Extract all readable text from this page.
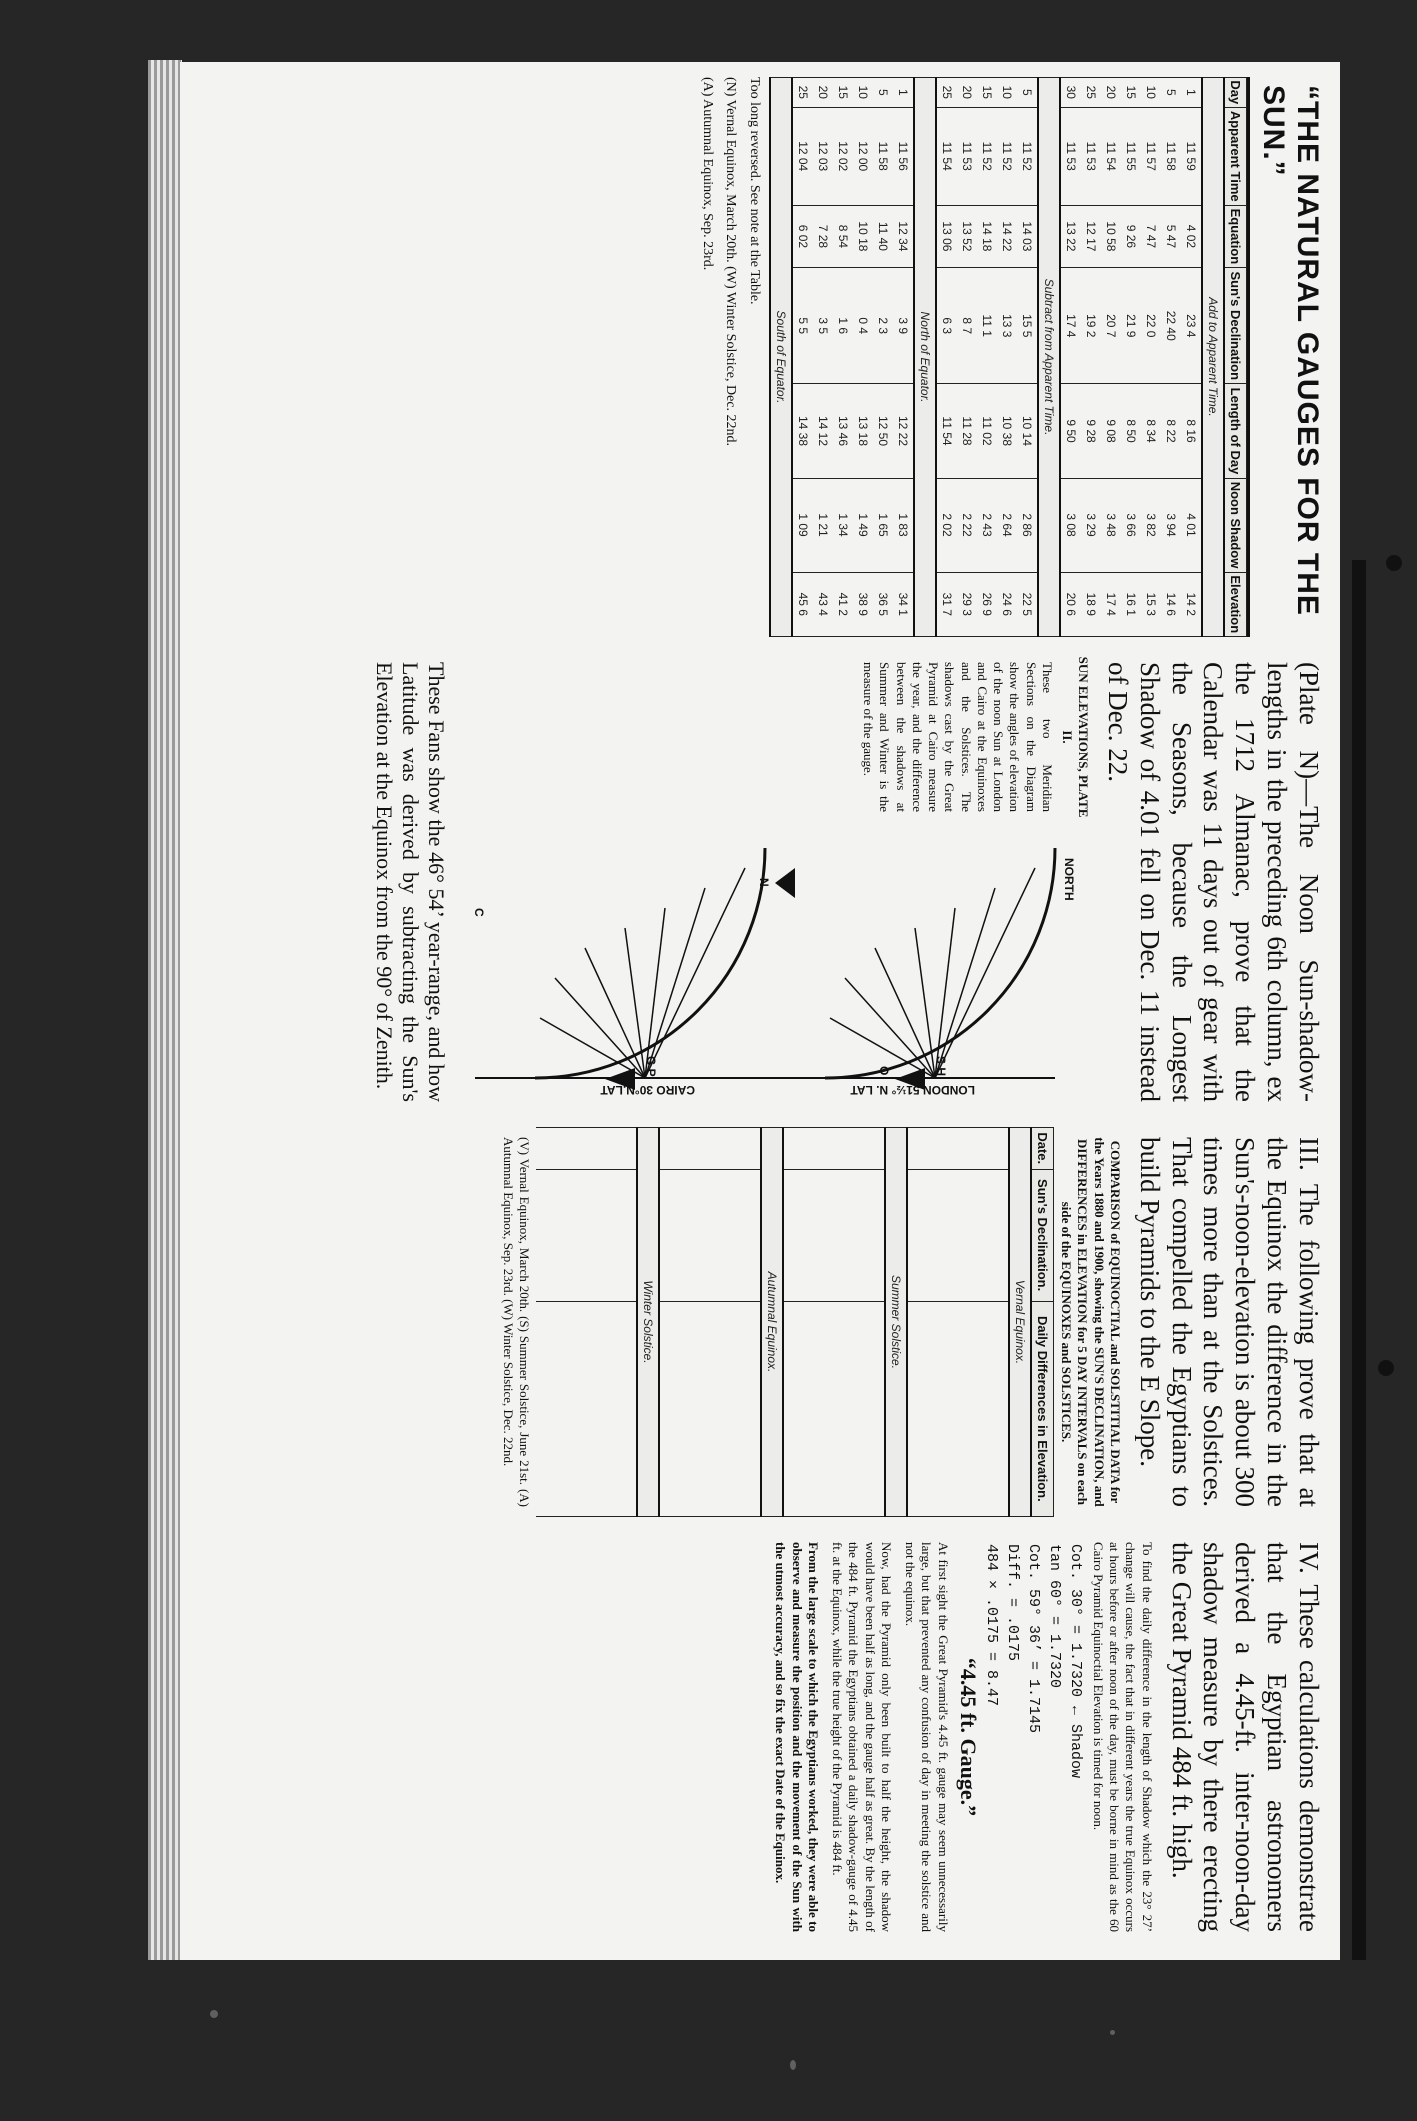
“THE NATURAL GAUGES FOR THE SUN.”
Day	Apparent Time	Equation	Sun's Declination	Length of Day	Noon Shadow	Elevation
Add to Apparent Time.						
1	11 59	4 02	23 4	8 16	4 01	14 2
5	11 58	5 47	22 40	8 22	3 94	14 6
10	11 57	7 47	22 0	8 34	3 82	15 3
15	11 55	9 26	21 9	8 50	3 66	16 1
20	11 54	10 58	20 7	9 08	3 48	17 4
25	11 53	12 17	19 2	9 28	3 29	18 9
30	11 53	13 22	17 4	9 50	3 08	20 6
Subtract from Apparent Time.						
5	11 52	14 03	15 5	10 14	2 86	22 5
10	11 52	14 22	13 3	10 38	2 64	24 6
15	11 52	14 18	11 1	11 02	2 43	26 9
20	11 53	13 52	8 7	11 28	2 22	29 3
25	11 54	13 06	6 3	11 54	2 02	31 7
North of Equator.						
1	11 56	12 34	3 9	12 22	1 83	34 1
5	11 58	11 40	2 3	12 50	1 65	36 5
10	12 00	10 18	0 4	13 18	1 49	38 9
15	12 02	8 54	1 6	13 46	1 34	41 2
20	12 03	7 28	3 5	14 12	1 21	43 4
25	12 04	6 02	5 5	14 38	1 09	45 6
South of Equator.						
Too long reversed. See note at the Table.
(N) Vernal Equinox, March 20th. (W) Winter Solstice, Dec. 22nd.
(A) Autumnal Equinox, Sep. 23rd.
(Plate N)—The Noon Sun-shadow-lengths in the preceding 6th column, ex the 1712 Almanac, prove that the Calendar was 11 days out of gear with the Seasons, because the Longest Shadow of 4.01 fell on Dec. 11 instead of Dec. 22.
SUN ELEVATIONS, PLATE II.
These two Meridian Sections on the Diagram show the angles of elevation of the noon Sun at London and Cairo at the Equinoxes and the Solstices. The shadows cast by the Great Pyramid at Cairo measure the year, and the difference between the shadows at Summer and Winter is the measure of the gauge.
LONDON 51½° N. LAT
CAIRO 30°N.LAT
NORTH
S H
G P	O
N
C
These Fans show the 46° 54’ year-range, and how Latitude was derived by subtracting the Sun's Elevation at the Equinox from the 90° of Zenith.
III. The following prove that at the Equinox the difference in the Sun's-noon-elevation is about 300 times more than at the Solstices. That compelled the Egyptians to build Pyramids to the E Slope.
COMPARISON of EQUINOCTIAL and SOLSTITIAL DATA for the Years 1880 and 1900, showing the SUN'S DECLINATION, and DIFFERENCES in ELEVATION for 5 DAY INTERVALS on each side of the EQUINOXES and SOLSTICES.
Date.	Sun's Declination.	Daily Differences in Elevation.
Vernal Equinox.		

Summer Solstice.		

Autumnal Equinox.		

Winter Solstice.		

(V) Vernal Equinox, March 20th. (S) Summer Solstice, June 21st. (A) Autumnal Equinox, Sep. 23rd. (W) Winter Solstice, Dec. 22nd.
IV. These calculations demonstrate that the Egyptian astronomers derived a 4.45-ft. inter-noon-day shadow measure by there erecting the Great Pyramid 484 ft. high.
To find the daily difference in the length of Shadow which the 23° 27’ change will cause, the fact that in different years the true Equinox occurs at hours before or after noon of the day, must be borne in mind as the 60 Cairo Pyramid Equinoctial Elevation is timed for noon.
Cot. 30° = 1.7320 ← Shadow
tan 60° = 1.7320
Cot. 59° 36’ = 1.7145
Diff. = .0175
484 × .0175 = 8.47
“4.45 ft. Gauge.”
At first sight the Great Pyramid's 4.45 ft. gauge may seem unnecessarily large, but that prevented any confusion of day in meeting the solstice and not the equinox.
Now, had the Pyramid only been built to half the height, the shadow would have been half as long, and the gauge half as great. By the length of the 484 ft. Pyramid the Egyptians obtained a daily shadow-gauge of 4.45 ft. at the Equinox, while the true height of the Pyramid is 484 ft.
From the large scale to which the Egyptians worked, they were able to observe and measure the position and the movement of the Sun with the utmost accuracy, and so fix the exact Date of the Equinox.
